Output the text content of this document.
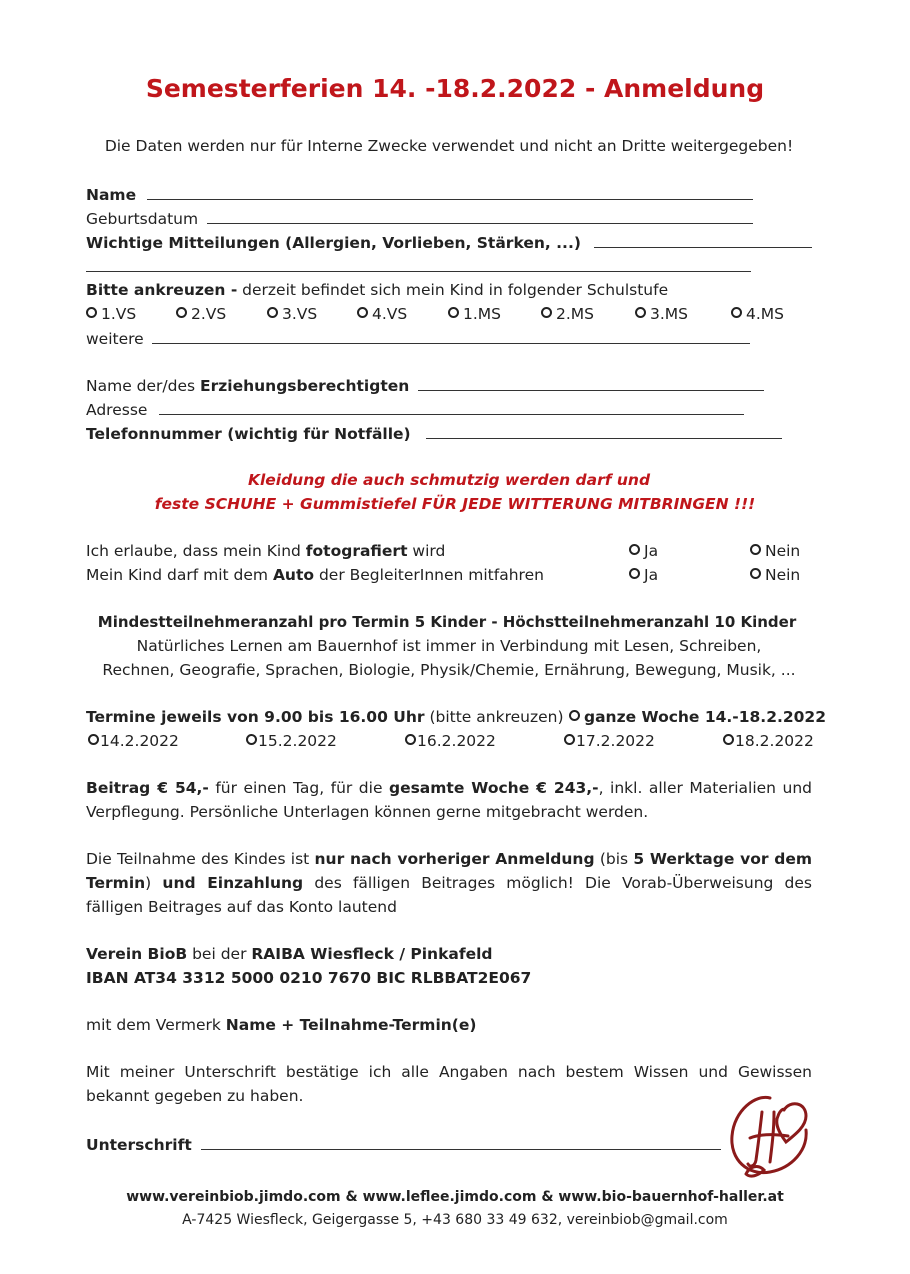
Semesterferien 14. -18.2.2022 - Anmeldung
Die Daten werden nur für Interne Zwecke verwendet und nicht an Dritte weitergegeben!
Name
Geburtsdatum
Wichtige Mitteilungen (Allergien, Vorlieben, Stärken, ...)
Bitte ankreuzen - derzeit befindet sich mein Kind in folgender Schulstufe
1.VS	2.VS	3.VS	4.VS	1.MS	2.MS	3.MS	4.MS
weitere
Name der/des Erziehungsberechtigten
Adresse
Telefonnummer (wichtig für Notfälle)
Kleidung die auch schmutzig werden darf und
feste SCHUHE + Gummistiefel FÜR JEDE WITTERUNG MITBRINGEN !!!
Ich erlaube, dass mein Kind fotografiert wird	Ja	Nein
Mein Kind darf mit dem Auto der BegleiterInnen mitfahren	Ja	Nein
Mindestteilnehmeranzahl pro Termin 5 Kinder - Höchstteilnehmeranzahl 10 Kinder
Natürliches Lernen am Bauernhof ist immer in Verbindung mit Lesen, Schreiben,
Rechnen, Geografie, Sprachen, Biologie, Physik/Chemie, Ernährung, Bewegung, Musik, ...
Termine jeweils von 9.00 bis 16.00 Uhr (bitte ankreuzen)	ganze Woche 14.-18.2.2022
14.2.2022	15.2.2022	16.2.2022	17.2.2022	18.2.2022
Beitrag € 54,- für einen Tag, für die gesamte Woche € 243,-, inkl. aller Materialien und
Verpflegung. Persönliche Unterlagen können gerne mitgebracht werden.
Die Teilnahme des Kindes ist nur nach vorheriger Anmeldung (bis 5 Werktage vor dem
Termin) und Einzahlung des fälligen Beitrages möglich! Die Vorab-Überweisung des
fälligen Beitrages auf das Konto lautend
Verein BioB bei der RAIBA Wiesfleck / Pinkafeld
IBAN AT34 3312 5000 0210 7670 BIC RLBBAT2E067
mit dem Vermerk Name + Teilnahme-Termin(e)
Mit meiner Unterschrift bestätige ich alle Angaben nach bestem Wissen und Gewissen
bekannt gegeben zu haben.
Unterschrift
www.vereinbiob.jimdo.com & www.leflee.jimdo.com & www.bio-bauernhof-haller.at
A-7425 Wiesfleck, Geigergasse 5, +43 680 33 49 632, vereinbiob@gmail.com
